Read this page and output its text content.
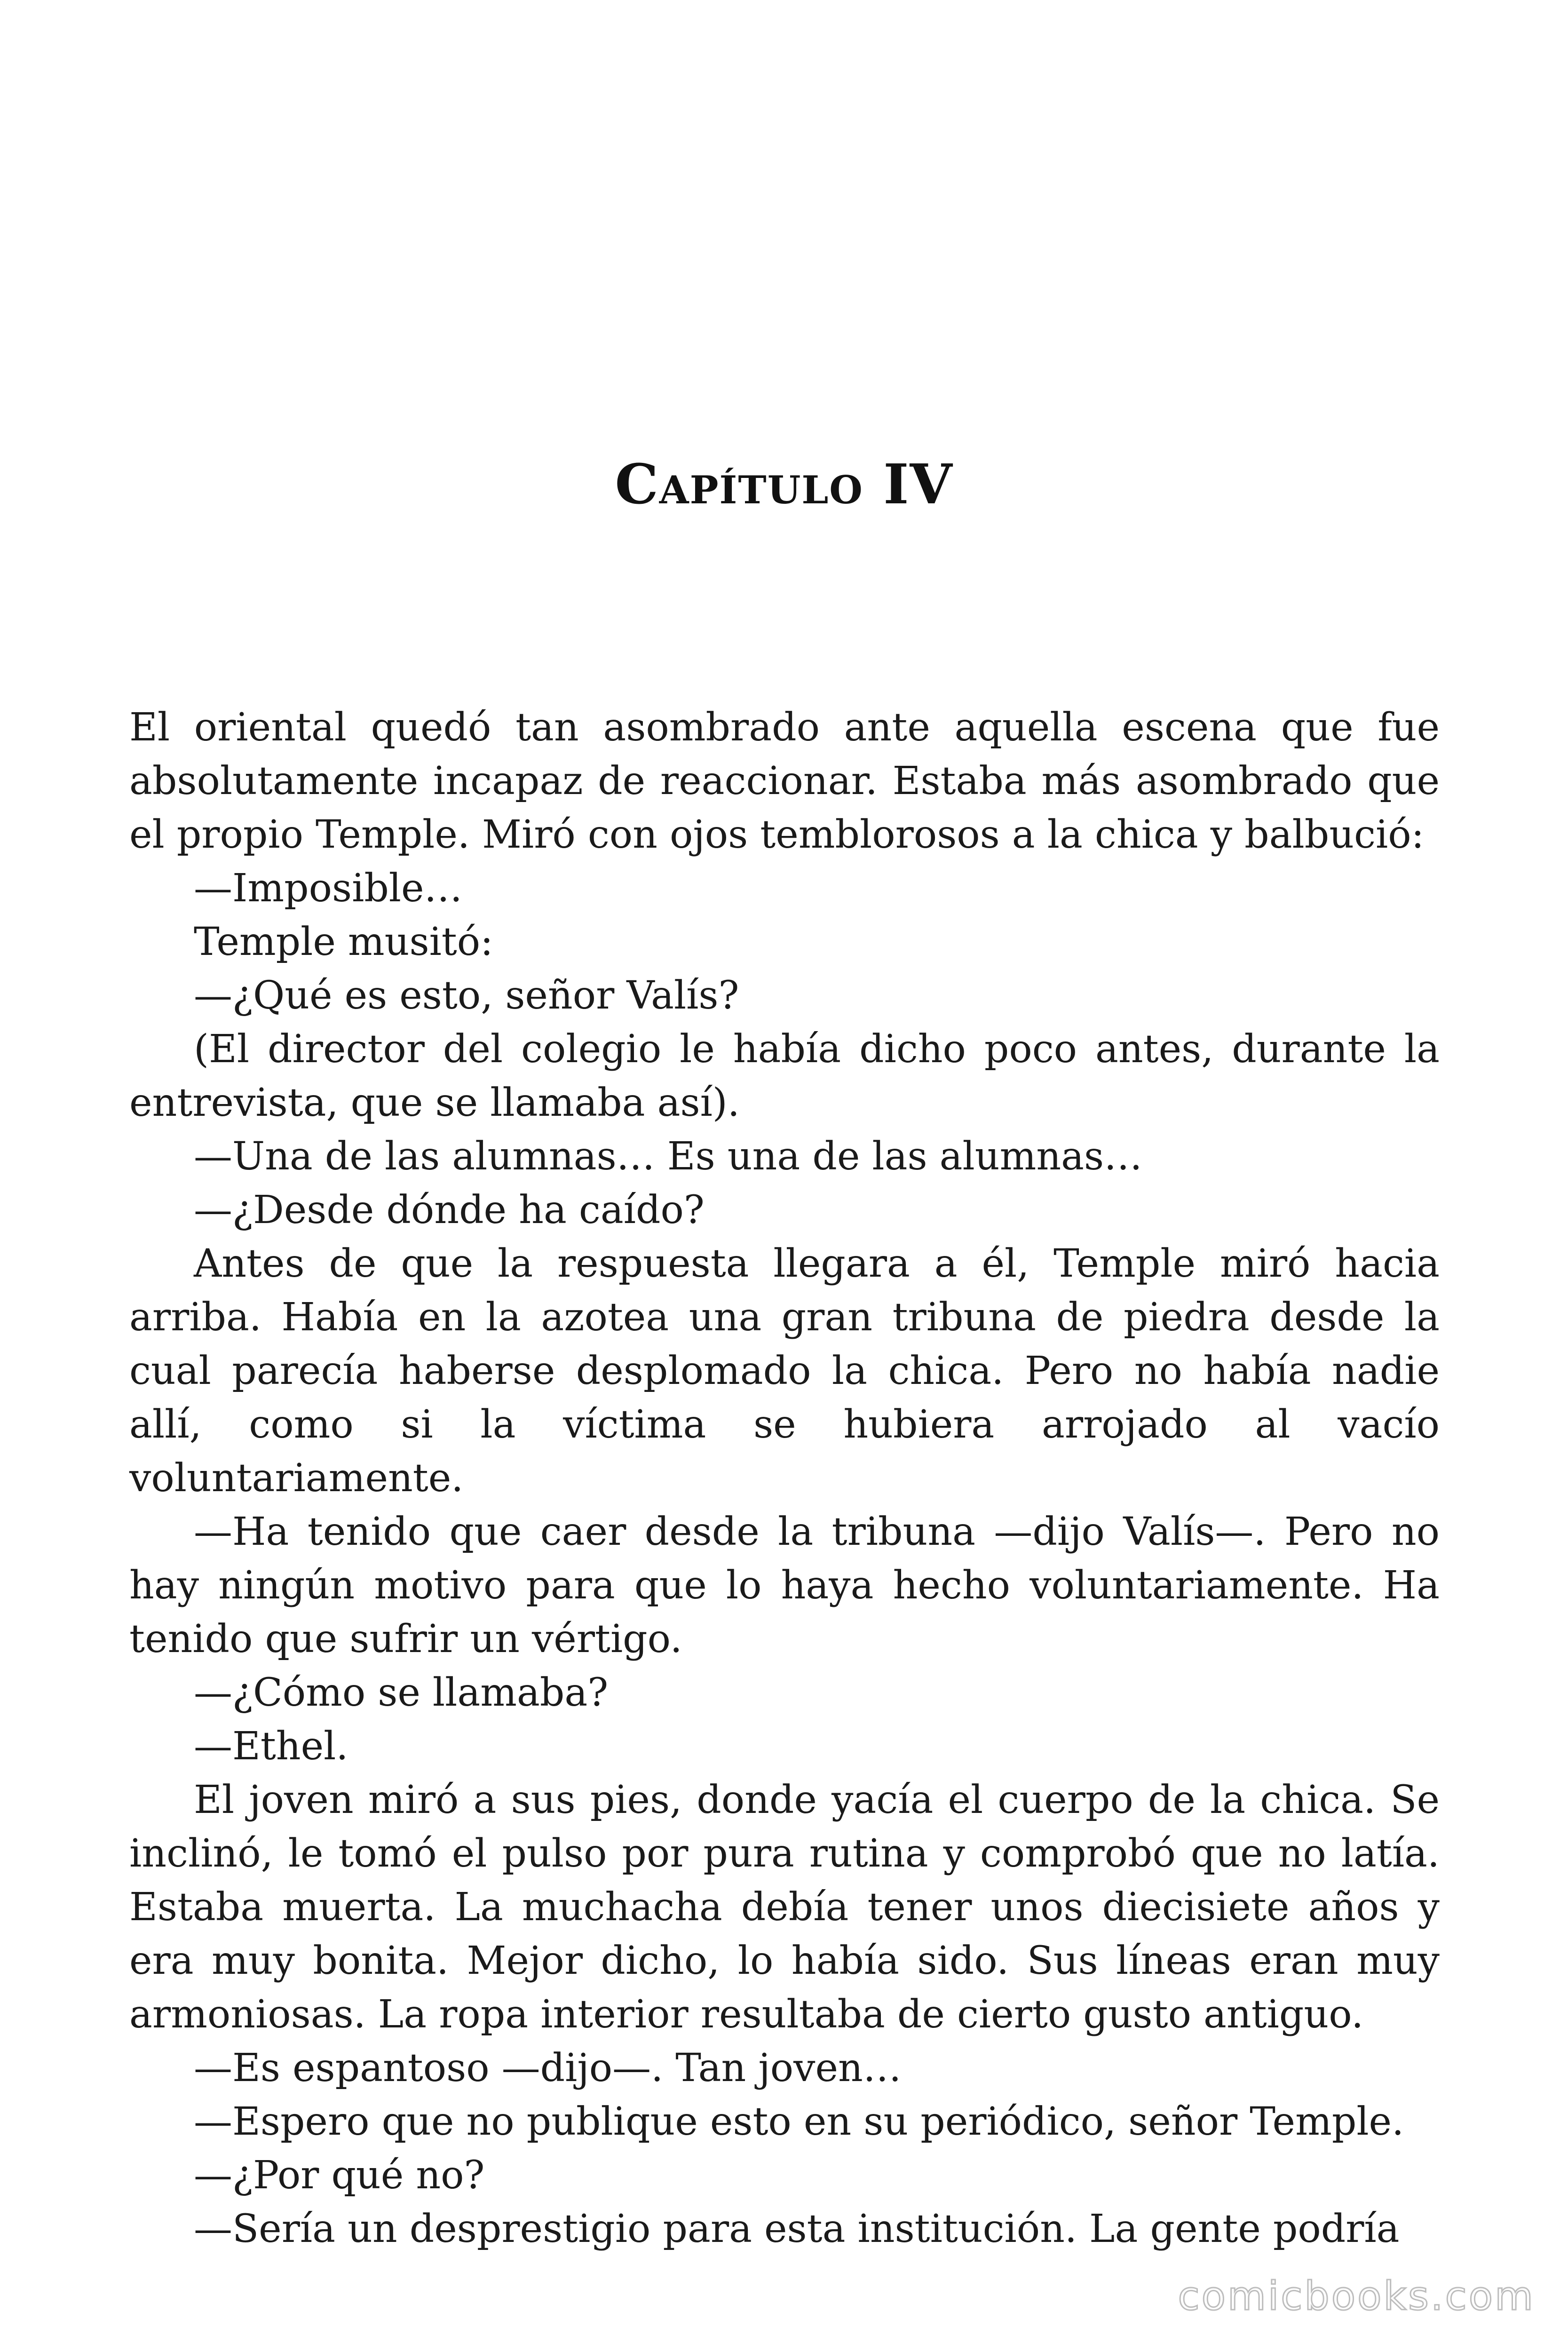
Capítulo IV

El oriental quedó tan asombrado ante aquella escena que fue absolutamente incapaz de reaccionar. Estaba más asombrado que el propio Temple. Miró con ojos temblorosos a la chica y balbució:

—Imposible…

Temple musitó:

—¿Qué es esto, señor Valís?

(El director del colegio le había dicho poco antes, durante la entrevista, que se llamaba así).

—Una de las alumnas… Es una de las alumnas…

—¿Desde dónde ha caído?

Antes de que la respuesta llegara a él, Temple miró hacia arriba. Había en la azotea una gran tribuna de piedra desde la cual parecía haberse desplomado la chica. Pero no había nadie allí, como si la víctima se hubiera arrojado al vacío voluntariamente.

—Ha tenido que caer desde la tribuna —dijo Valís—. Pero no hay ningún motivo para que lo haya hecho voluntariamente. Ha tenido que sufrir un vértigo.

—¿Cómo se llamaba?

—Ethel.

El joven miró a sus pies, donde yacía el cuerpo de la chica. Se inclinó, le tomó el pulso por pura rutina y comprobó que no latía. Estaba muerta. La muchacha debía tener unos diecisiete años y era muy bonita. Mejor dicho, lo había sido. Sus líneas eran muy armoniosas. La ropa interior resultaba de cierto gusto antiguo.

—Es espantoso —dijo—. Tan joven…

—Espero que no publique esto en su periódico, señor Temple.

—¿Por qué no?

—Sería un desprestigio para esta institución. La gente podría

comicbooks.com
